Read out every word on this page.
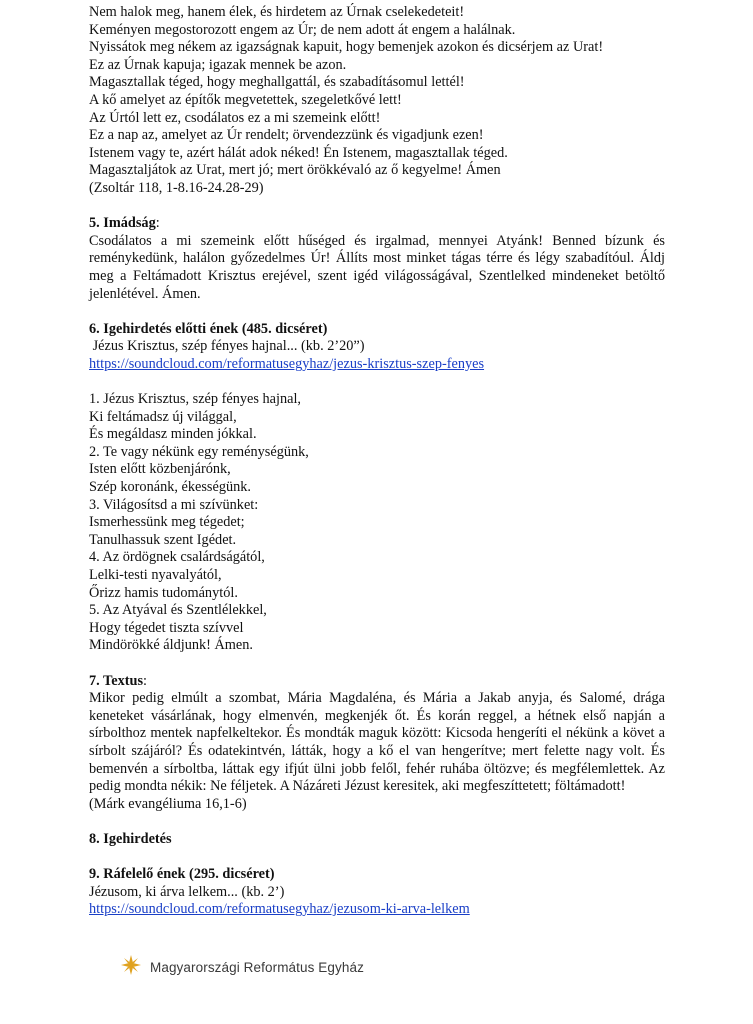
Nem halok meg, hanem élek, és hirdetem az Úrnak cselekedeteit!
Keményen megostorozott engem az Úr; de nem adott át engem a halálnak.
Nyissátok meg nékem az igazságnak kapuit, hogy bemenjek azokon és dicsérjem az Urat!
Ez az Úrnak kapuja; igazak mennek be azon.
Magasztallak téged, hogy meghallgattál, és szabadításomul lettél!
A kő amelyet az építők megvetettek, szegeletkővé lett!
Az Úrtól lett ez, csodálatos ez a mi szemeink előtt!
Ez a nap az, amelyet az Úr rendelt; örvendezzünk és vigadjunk ezen!
Istenem vagy te, azért hálát adok néked! Én Istenem, magasztallak téged.
Magasztaljátok az Urat, mert jó; mert örökkévaló az ő kegyelme! Ámen
(Zsoltár 118, 1-8.16-24.28-29)
5. Imádság:
Csodálatos a mi szemeink előtt hűséged és irgalmad, mennyei Atyánk! Benned bízunk és reménykedünk, halálon győzedelmes Úr! Állíts most minket tágas térre és légy szabadítóul. Áldj meg a Feltámadott Krisztus erejével, szent igéd világosságával, Szentlelked mindeneket betöltő jelenlétével. Ámen.
6. Igehirdetés előtti ének (485. dicséret)
Jézus Krisztus, szép fényes hajnal... (kb. 2’20”)
https://soundcloud.com/reformatusegyhaz/jezus-krisztus-szep-fenyes
1. Jézus Krisztus, szép fényes hajnal,
Ki feltámadsz új világgal,
És megáldasz minden jókkal.
2. Te vagy nékünk egy reménységünk,
Isten előtt közbenjárónk,
Szép koronánk, ékességünk.
3. Világosítsd a mi szívünket:
Ismerhessünk meg tégedet;
Tanulhassuk szent Igédet.
4. Az ördögnek csalárdságától,
Lelki-testi nyavalyától,
Őrizz hamis tudománytól.
5. Az Atyával és Szentlélekkel,
Hogy tégedet tiszta szívvel
Mindörökké áldjunk! Ámen.
7. Textus:
Mikor pedig elmúlt a szombat, Mária Magdaléna, és Mária a Jakab anyja, és Salomé, drága keneteket vásárlának, hogy elmenvén, megkenjék őt. És korán reggel, a hétnek első napján a sírbolthoz mentek napfelkeltekor. És mondták maguk között: Kicsoda hengeríti el nékünk a követ a sírbolt szájáról? És odatekintvén, látták, hogy a kő el van hengerítve; mert felette nagy volt. És bemenvén a sírboltba, láttak egy ifjút ülni jobb felől, fehér ruhába öltözve; és megfélemlettek. Az pedig mondta nékik: Ne féljetek. A Názáreti Jézust keresitek, aki megfeszíttetett; föltámadott!
(Márk evangéliuma 16,1-6)
8. Igehirdetés
9. Ráfelelő ének (295. dicséret)
Jézusom, ki árva lelkem... (kb. 2’)
https://soundcloud.com/reformatusegyhaz/jezusom-ki-arva-lelkem
Magyarországi Református Egyház
